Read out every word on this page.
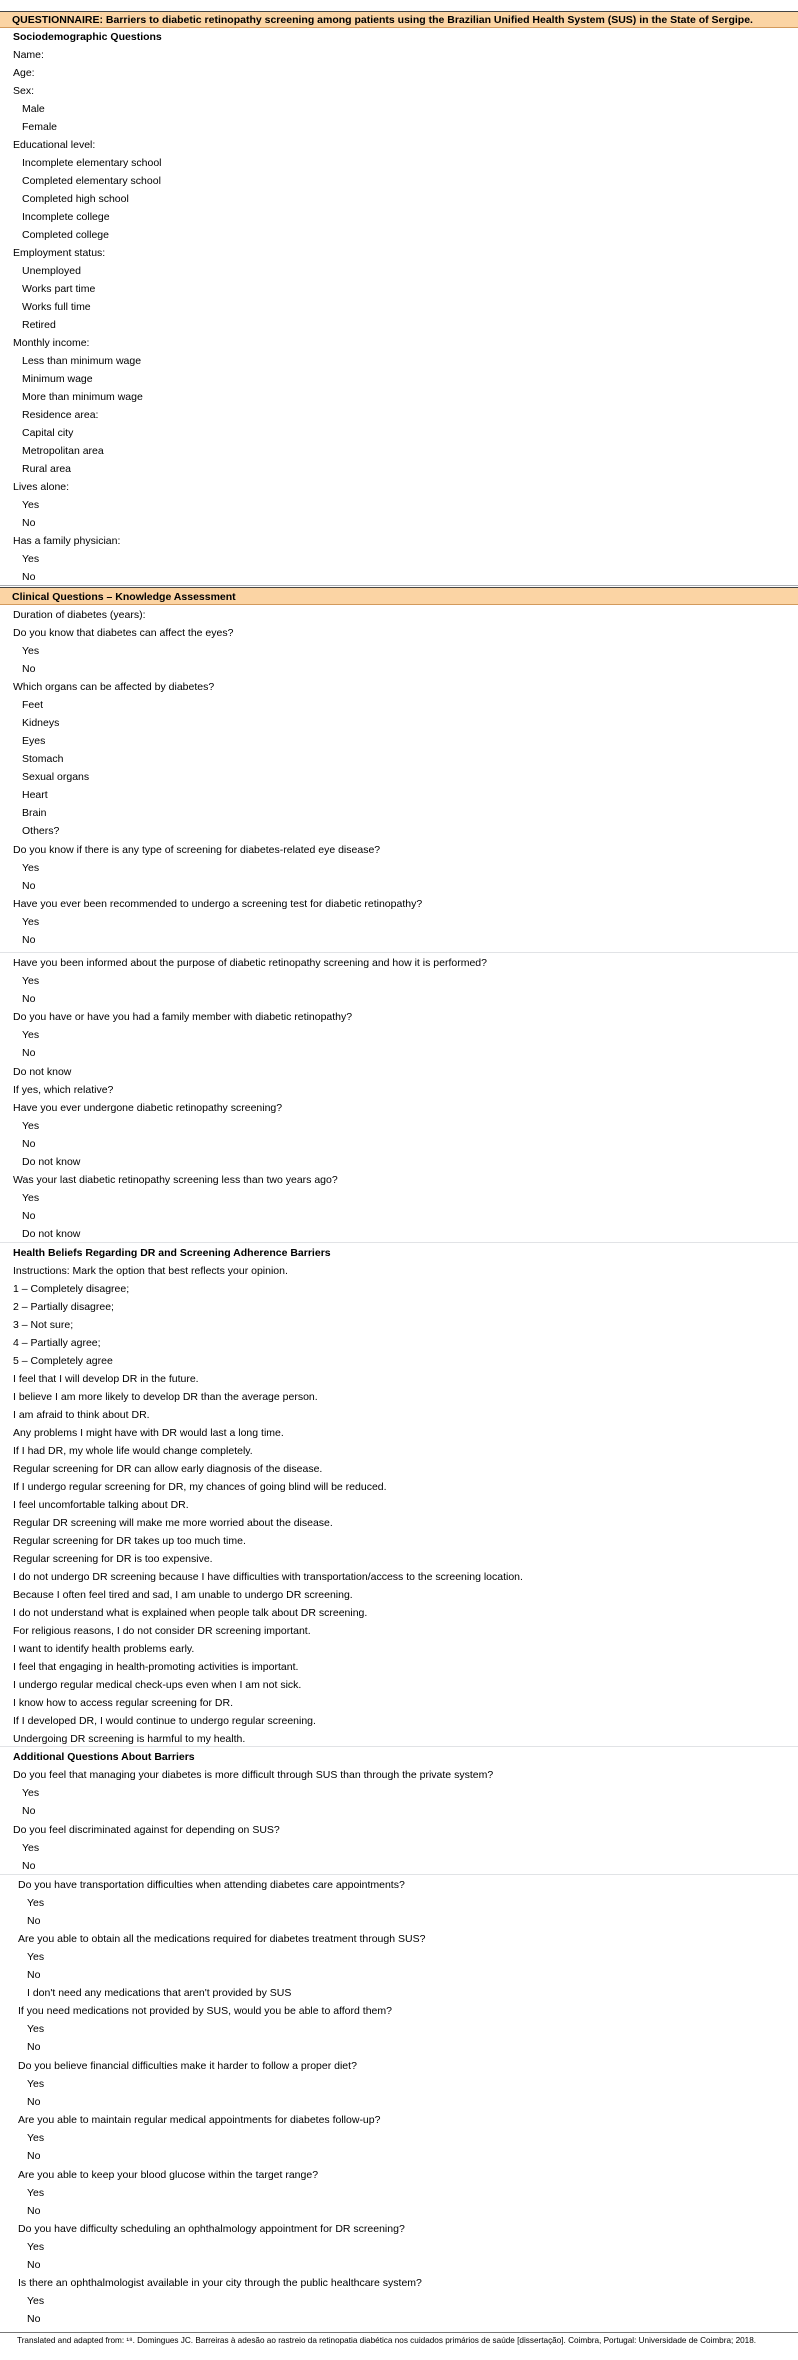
QUESTIONNAIRE: Barriers to diabetic retinopathy screening among patients using the Brazilian Unified Health System (SUS) in the State of Sergipe.
Sociodemographic Questions
Name:
Age:
Sex:
Male
Female
Educational level:
Incomplete elementary school
Completed elementary school
Completed high school
Incomplete college
Completed college
Employment status:
Unemployed
Works part time
Works full time
Retired
Monthly income:
Less than minimum wage
Minimum wage
More than minimum wage
Residence area:
Capital city
Metropolitan area
Rural area
Lives alone:
Yes
No
Has a family physician:
Yes
No
Clinical Questions – Knowledge Assessment
Duration of diabetes (years):
Do you know that diabetes can affect the eyes?
Yes
No
Which organs can be affected by diabetes?
Feet
Kidneys
Eyes
Stomach
Sexual organs
Heart
Brain
Others?
Do you know if there is any type of screening for diabetes-related eye disease?
Yes
No
Have you ever been recommended to undergo a screening test for diabetic retinopathy?
Yes
No
Have you been informed about the purpose of diabetic retinopathy screening and how it is performed?
Yes
No
Do you have or have you had a family member with diabetic retinopathy?
Yes
No
Do not know
If yes, which relative?
Have you ever undergone diabetic retinopathy screening?
Yes
No
Do not know
Was your last diabetic retinopathy screening less than two years ago?
Yes
No
Do not know
Health Beliefs Regarding DR and Screening Adherence Barriers
Instructions: Mark the option that best reflects your opinion.
1 – Completely disagree;
2 – Partially disagree;
3 – Not sure;
4 – Partially agree;
5 – Completely agree
I feel that I will develop DR in the future.
I believe I am more likely to develop DR than the average person.
I am afraid to think about DR.
Any problems I might have with DR would last a long time.
If I had DR, my whole life would change completely.
Regular screening for DR can allow early diagnosis of the disease.
If I undergo regular screening for DR, my chances of going blind will be reduced.
I feel uncomfortable talking about DR.
Regular DR screening will make me more worried about the disease.
Regular screening for DR takes up too much time.
Regular screening for DR is too expensive.
I do not undergo DR screening because I have difficulties with transportation/access to the screening location.
Because I often feel tired and sad, I am unable to undergo DR screening.
I do not understand what is explained when people talk about DR screening.
For religious reasons, I do not consider DR screening important.
I want to identify health problems early.
I feel that engaging in health-promoting activities is important.
I undergo regular medical check-ups even when I am not sick.
I know how to access regular screening for DR.
If I developed DR, I would continue to undergo regular screening.
Undergoing DR screening is harmful to my health.
Additional Questions About Barriers
Do you feel that managing your diabetes is more difficult through SUS than through the private system?
Yes
No
Do you feel discriminated against for depending on SUS?
Yes
No
Do you have transportation difficulties when attending diabetes care appointments?
Yes
No
Are you able to obtain all the medications required for diabetes treatment through SUS?
Yes
No
I don't need any medications that aren't provided by SUS
If you need medications not provided by SUS, would you be able to afford them?
Yes
No
Do you believe financial difficulties make it harder to follow a proper diet?
Yes
No
Are you able to maintain regular medical appointments for diabetes follow-up?
Yes
No
Are you able to keep your blood glucose within the target range?
Yes
No
Do you have difficulty scheduling an ophthalmology appointment for DR screening?
Yes
No
Is there an ophthalmologist available in your city through the public healthcare system?
Yes
No
Translated and adapted from: ¹⁸. Domingues JC. Barreiras à adesão ao rastreio da retinopatia diabética nos cuidados primários de saúde [dissertação]. Coimbra, Portugal: Universidade de Coimbra; 2018.
